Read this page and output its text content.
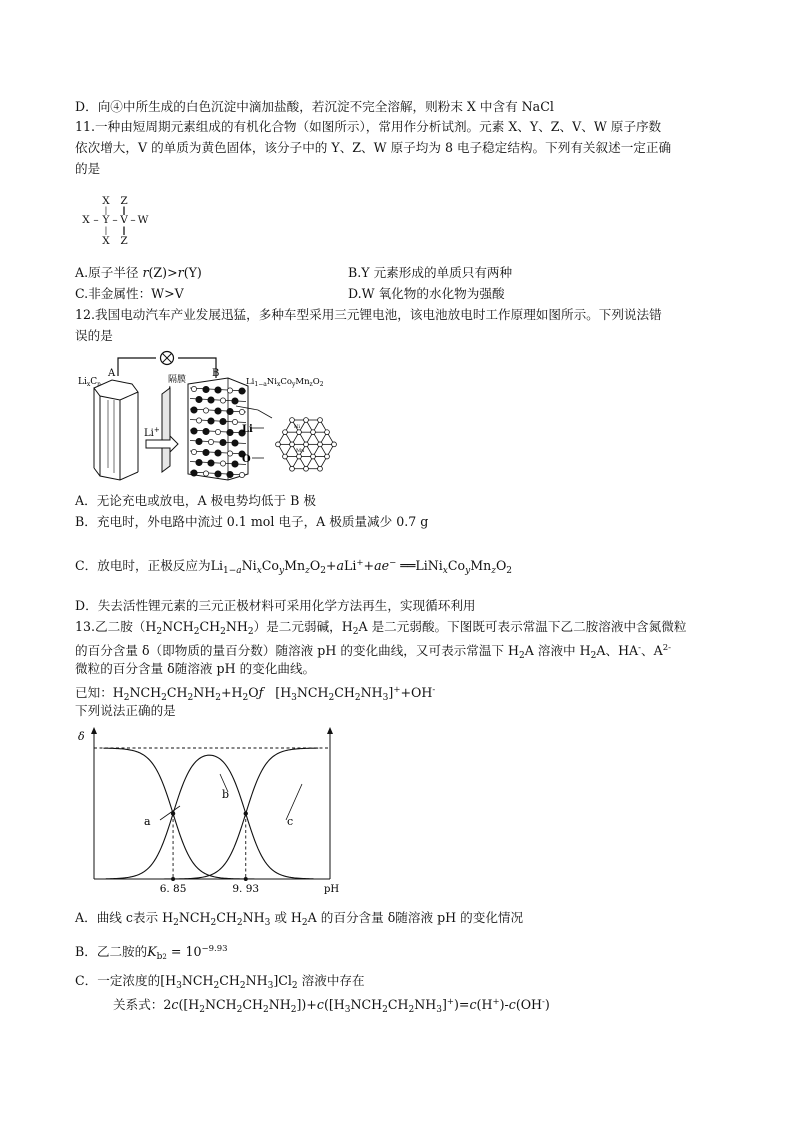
D．向④中所生成的白色沉淀中滴加盐酸，若沉淀不完全溶解，则粉末 X 中含有 NaCl
11.一种由短周期元素组成的有机化合物（如图所示），常用作分析试剂。元素 X、Y、Z、V、W 原子序数
依次增大，V 的单质为黄色固体，该分子中的 Y、Z、W 原子均为 8 电子稳定结构。下列有关叙述一定正确
的是
X Z
| ‖
X – Y – V – W
| ‖
X Z
A.原子半径 r(Z)>r(Y)	B.Y 元素形成的单质只有两种
C.非金属性：W>V	D.W 氧化物的水化物为强酸
12.我国电动汽车产业发展迅猛，多种车型采用三元锂电池，该电池放电时工作原理如图所示。下列说法错
误的是
$Li_xC_n$
A
隔膜
Li+
B
Li
O
$Li_{1-a}Ni_xCo_yMn_zO_2$
Ni
Mn
A．无论充电或放电，A 极电势均低于 B 极
B．充电时，外电路中流过 0.1 mol 电子，A 极质量减少 0.7 g
C．放电时，正极反应为$Li_{1-a}Ni_xCo_yMn_zO_2+aLi^++ae^-$ $══LiNi_xCo_yMn_zO_2$
D．失去活性锂元素的三元正极材料可采用化学方法再生，实现循环利用
13.乙二胺$(H_2NCH_2CH_2NH_2)$是二元弱碱，$H_2A$ 是二元弱酸。下图既可表示常温下乙二胺溶液中含氮微粒
的百分含量 δ（即物质的量百分数）随溶液 pH 的变化曲线，又可表示常温下 $H_2A$ 溶液中 $H_2A$、HA-、$A^{2-}$
微粒的百分含量 δ随溶液 pH 的变化曲线。
已知：$H_2NCH_2CH_2NH_2+H_2Oƒ$   $[H_3NCH_2CH_2NH_3]^++OH^-$
下列说法正确的是
δ
pH
a
b
c
6. 85	9. 93
A．曲线 c表示 $H_2NCH_2CH_2NH_3$ 或 $H_2A$ 的百分含量 δ随溶液 pH 的变化情况
B．乙二胺的$K_{b2} = 10^{-9.93}$
C．一定浓度的$[H_3NCH_2CH_2NH_3]Cl_2$ 溶液中存在
关系式：$2c([H_2NCH_2CH_2NH_2])+c([H_3NCH_2CH_2NH_3]^+)=c(H^+)-c(OH^-)$
